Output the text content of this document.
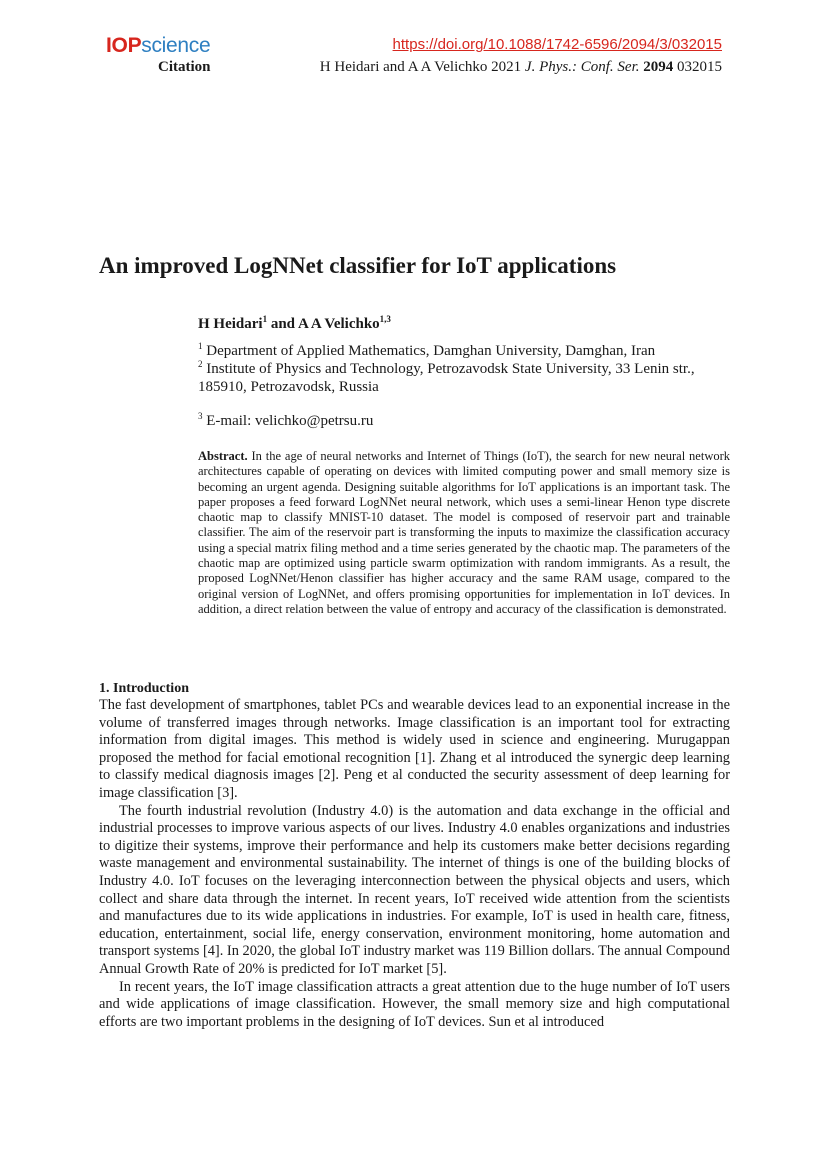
IOPscience
Citation
https://doi.org/10.1088/1742-6596/2094/3/032015
H Heidari and A A Velichko 2021 J. Phys.: Conf. Ser. 2094 032015
An improved LogNNet classifier for IoT applications
H Heidari$^1$ and A A Velichko$^{1,3}$

$^1$ Department of Applied Mathematics, Damghan University, Damghan, Iran

$^2$ Institute of Physics and Technology, Petrozavodsk State University, 33 Lenin str., 185910, Petrozavodsk, Russia

$^3$ E-mail: velichko@petrsu.ru

Abstract. In the age of neural networks and Internet of Things (IoT), the search for new neural network architectures capable of operating on devices with limited computing power and small memory size is becoming an urgent agenda. Designing suitable algorithms for IoT applications is an important task. The paper proposes a feed forward LogNNet neural network, which uses a semi-linear Henon type discrete chaotic map to classify MNIST-10 dataset. The model is composed of reservoir part and trainable classifier. The aim of the reservoir part is transforming the inputs to maximize the classification accuracy using a special matrix filing method and a time series generated by the chaotic map. The parameters of the chaotic map are optimized using particle swarm optimization with random immigrants. As a result, the proposed LogNNet/Henon classifier has higher accuracy and the same RAM usage, compared to the original version of LogNNet, and offers promising opportunities for implementation in IoT devices. In addition, a direct relation between the value of entropy and accuracy of the classification is demonstrated.

1. Introduction

The fast development of smartphones, tablet PCs and wearable devices lead to an exponential increase in the volume of transferred images through networks. Image classification is an important tool for extracting information from digital images. This method is widely used in science and engineering. Murugappan proposed the method for facial emotional recognition [1]. Zhang et al introduced the synergic deep learning to classify medical diagnosis images [2]. Peng et al conducted the security assessment of deep learning for image classification [3].

The fourth industrial revolution (Industry 4.0) is the automation and data exchange in the official and industrial processes to improve various aspects of our lives. Industry 4.0 enables organizations and industries to digitize their systems, improve their performance and help its customers make better decisions regarding waste management and environmental sustainability. The internet of things is one of the building blocks of Industry 4.0. IoT focuses on the leveraging interconnection between the physical objects and users, which collect and share data through the internet. In recent years, IoT received wide attention from the scientists and manufactures due to its wide applications in industries. For example, IoT is used in health care, fitness, education, entertainment, social life, energy conservation, environment monitoring, home automation and transport systems [4]. In 2020, the global IoT industry market was 119 Billion dollars. The annual Compound Annual Growth Rate of 20% is predicted for IoT market [5].

In recent years, the IoT image classification attracts a great attention due to the huge number of IoT users and wide applications of image classification. However, the small memory size and high computational efforts are two important problems in the designing of IoT devices. Sun et al introduced
